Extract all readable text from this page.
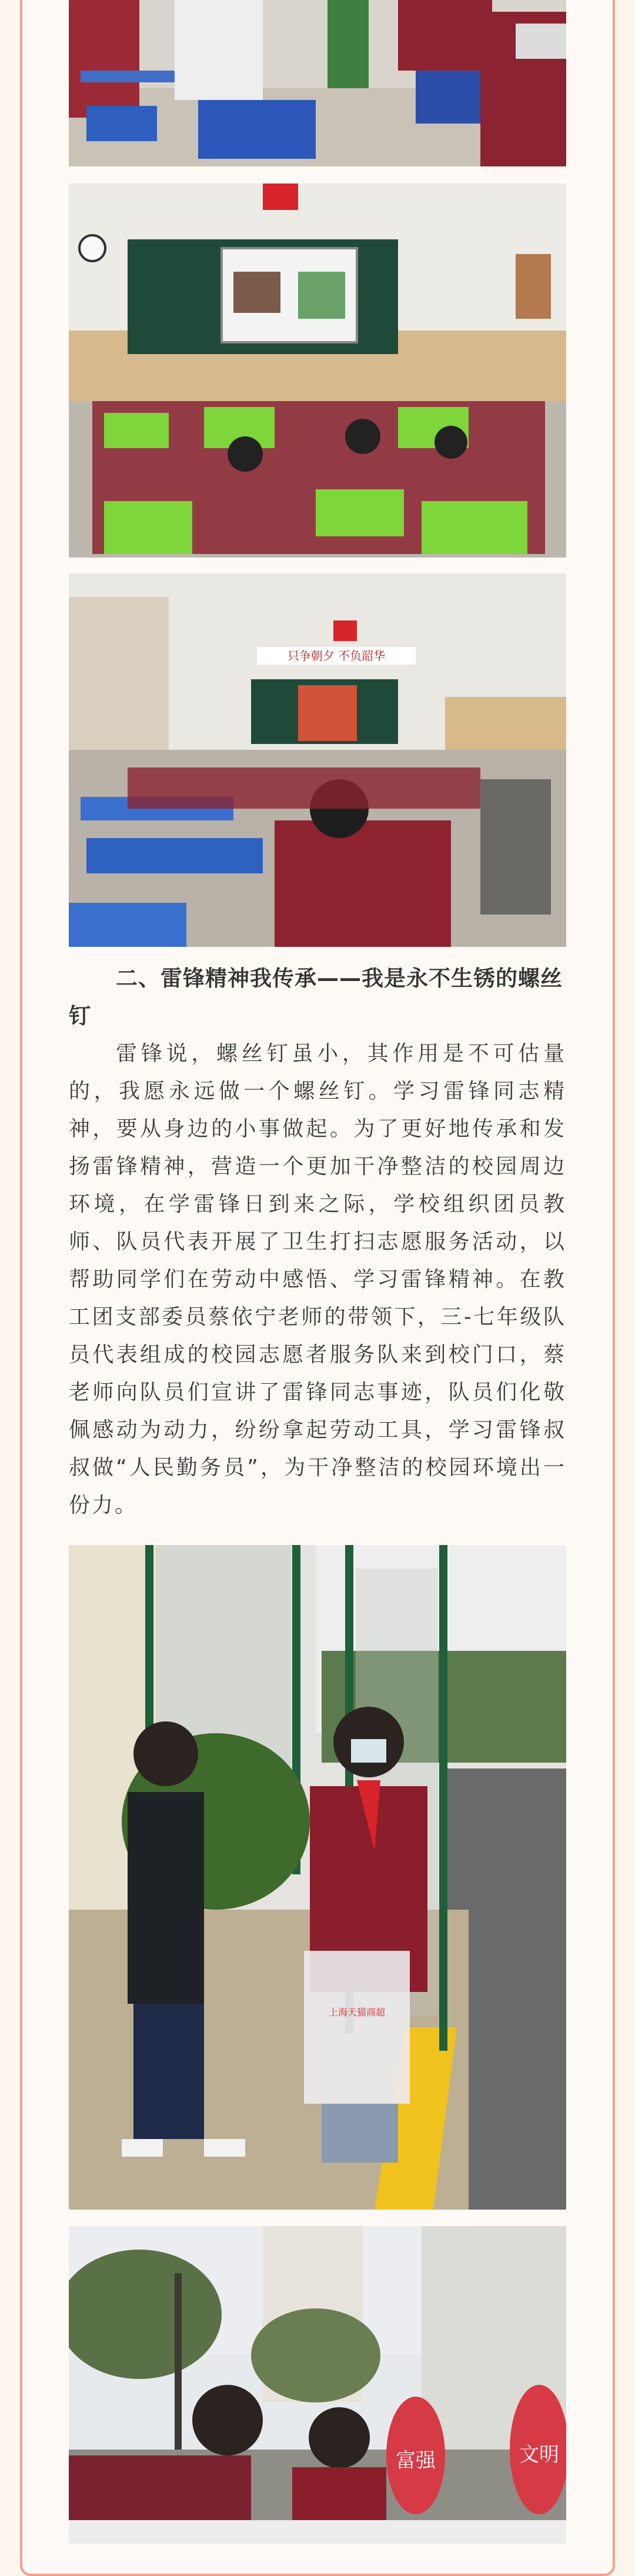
只争朝夕 不负韶华
二、雷锋精神我传承——我是永不生锈的螺丝钉

雷锋说，螺丝钉虽小，其作用是不可估量的，我愿永远做一个螺丝钉。学习雷锋同志精神，要从身边的小事做起。为了更好地传承和发扬雷锋精神，营造一个更加干净整洁的校园周边环境，在学雷锋日到来之际，学校组织团员教师、队员代表开展了卫生打扫志愿服务活动，以帮助同学们在劳动中感悟、学习雷锋精神。在教工团支部委员蔡依宁老师的带领下，三-七年级队员代表组成的校园志愿者服务队来到校门口，蔡老师向队员们宣讲了雷锋同志事迹，队员们化敬佩感动为动力，纷纷拿起劳动工具，学习雷锋叔叔做“人民勤务员”，为干净整洁的校园环境出一份力。

上海天猫商超
富强	文明
